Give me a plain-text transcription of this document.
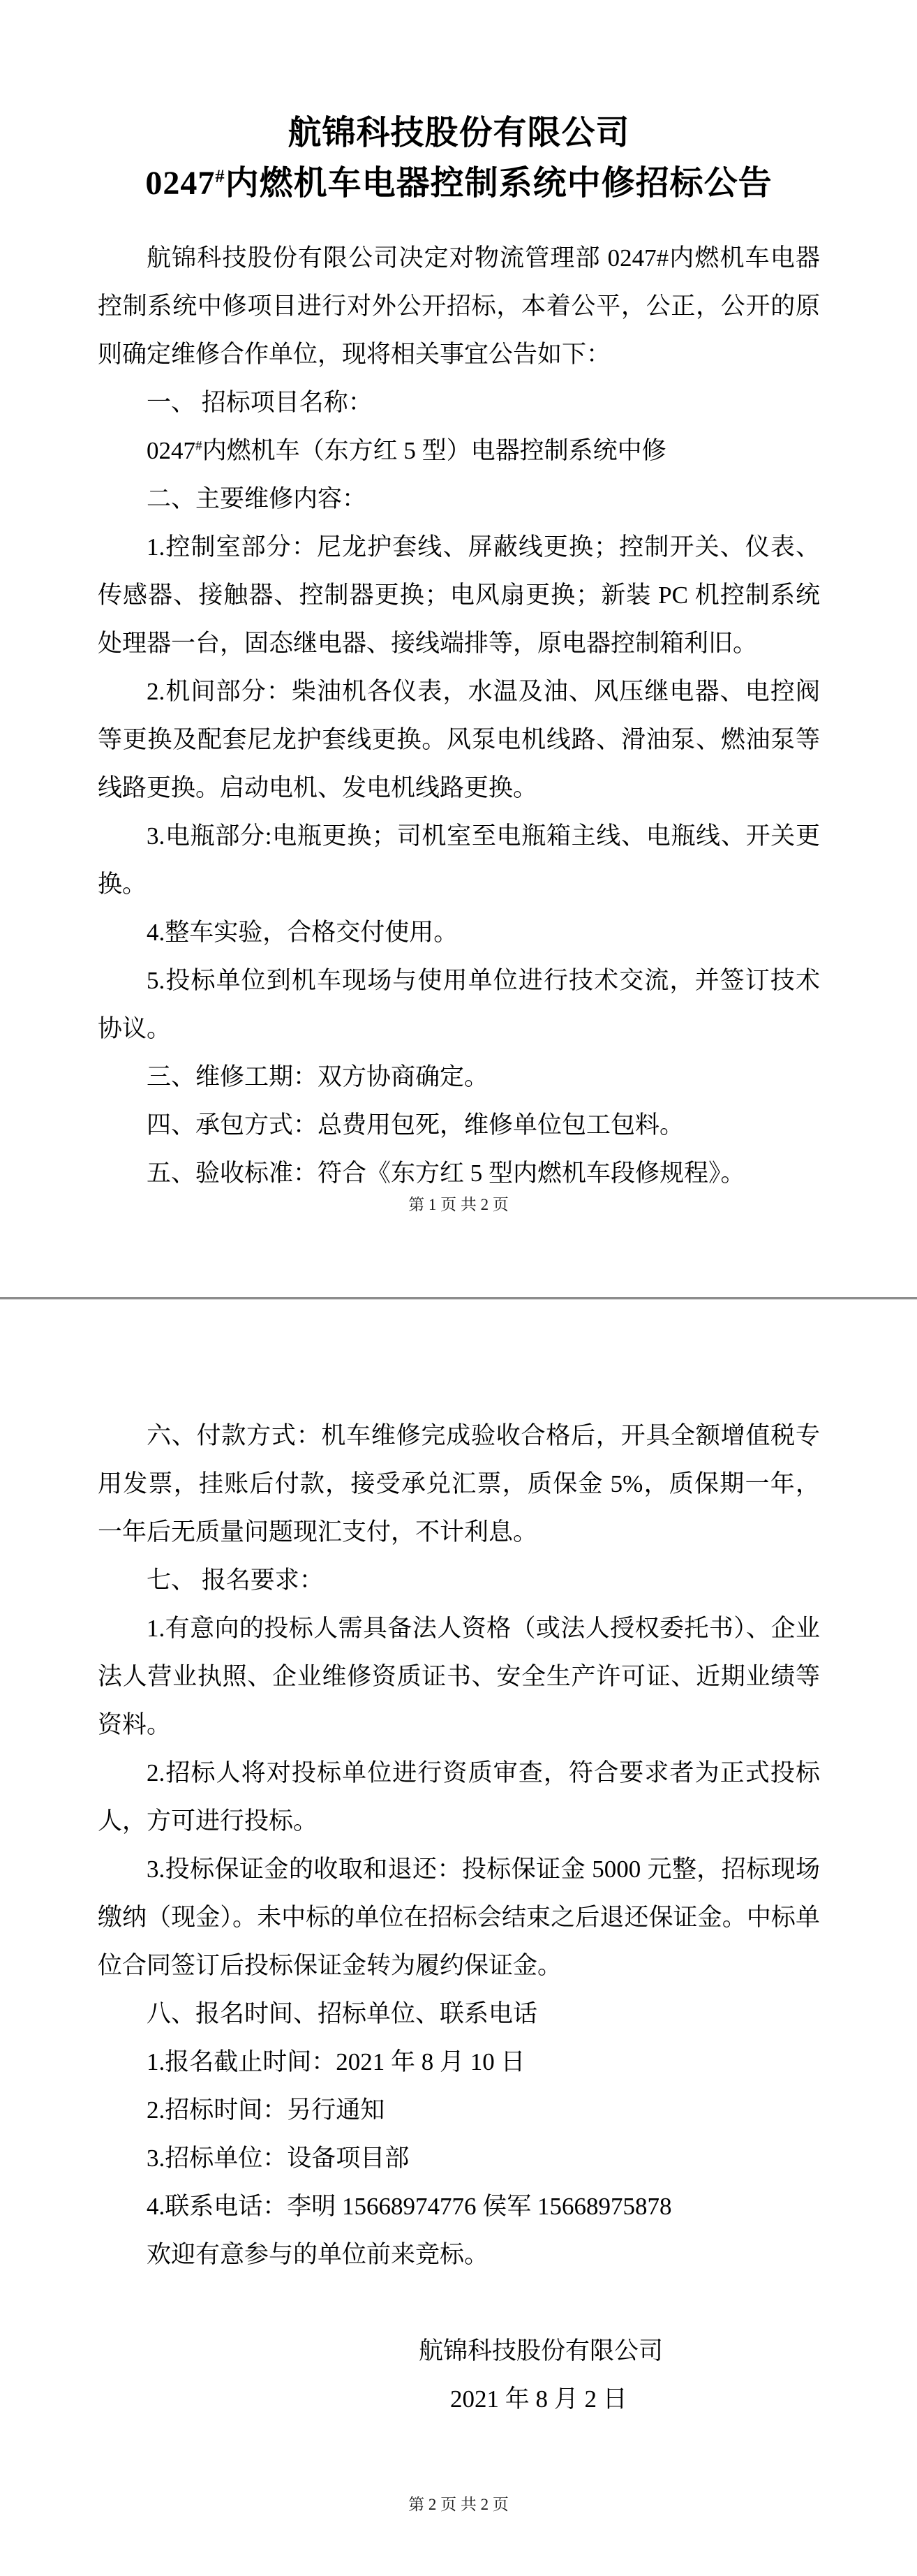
航锦科技股份有限公司
0247#内燃机车电器控制系统中修招标公告

航锦科技股份有限公司决定对物流管理部 0247#内燃机车电器控制系统中修项目进行对外公开招标，本着公平，公正，公开的原则确定维修合作单位，现将相关事宜公告如下：

一、 招标项目名称：

0247#内燃机车（东方红 5 型）电器控制系统中修

二、主要维修内容：

1.控制室部分：尼龙护套线、屏蔽线更换；控制开关、仪表、传感器、接触器、控制器更换；电风扇更换；新装 PC 机控制系统处理器一台，固态继电器、接线端排等，原电器控制箱利旧。

2.机间部分：柴油机各仪表，水温及油、风压继电器、电控阀等更换及配套尼龙护套线更换。风泵电机线路、滑油泵、燃油泵等线路更换。启动电机、发电机线路更换。

3.电瓶部分:电瓶更换；司机室至电瓶箱主线、电瓶线、开关更换。

4.整车实验，合格交付使用。

5.投标单位到机车现场与使用单位进行技术交流，并签订技术协议。

三、维修工期：双方协商确定。

四、承包方式：总费用包死，维修单位包工包料。

五、验收标准：符合《东方红 5 型内燃机车段修规程》。

第 1 页 共 2 页

六、付款方式：机车维修完成验收合格后，开具全额增值税专用发票，挂账后付款，接受承兑汇票，质保金 5%，质保期一年，一年后无质量问题现汇支付，不计利息。

七、 报名要求：

1.有意向的投标人需具备法人资格（或法人授权委托书）、企业法人营业执照、企业维修资质证书、安全生产许可证、近期业绩等资料。

2.招标人将对投标单位进行资质审查，符合要求者为正式投标人，方可进行投标。

3.投标保证金的收取和退还：投标保证金 5000 元整，招标现场缴纳（现金）。未中标的单位在招标会结束之后退还保证金。中标单位合同签订后投标保证金转为履约保证金。

八、报名时间、招标单位、联系电话

1.报名截止时间：2021 年 8 月 10 日

2.招标时间：另行通知

3.招标单位：设备项目部

4.联系电话：李明 15668974776 侯军 15668975878

欢迎有意参与的单位前来竞标。

航锦科技股份有限公司
2021 年 8 月 2 日
第 2 页 共 2 页
